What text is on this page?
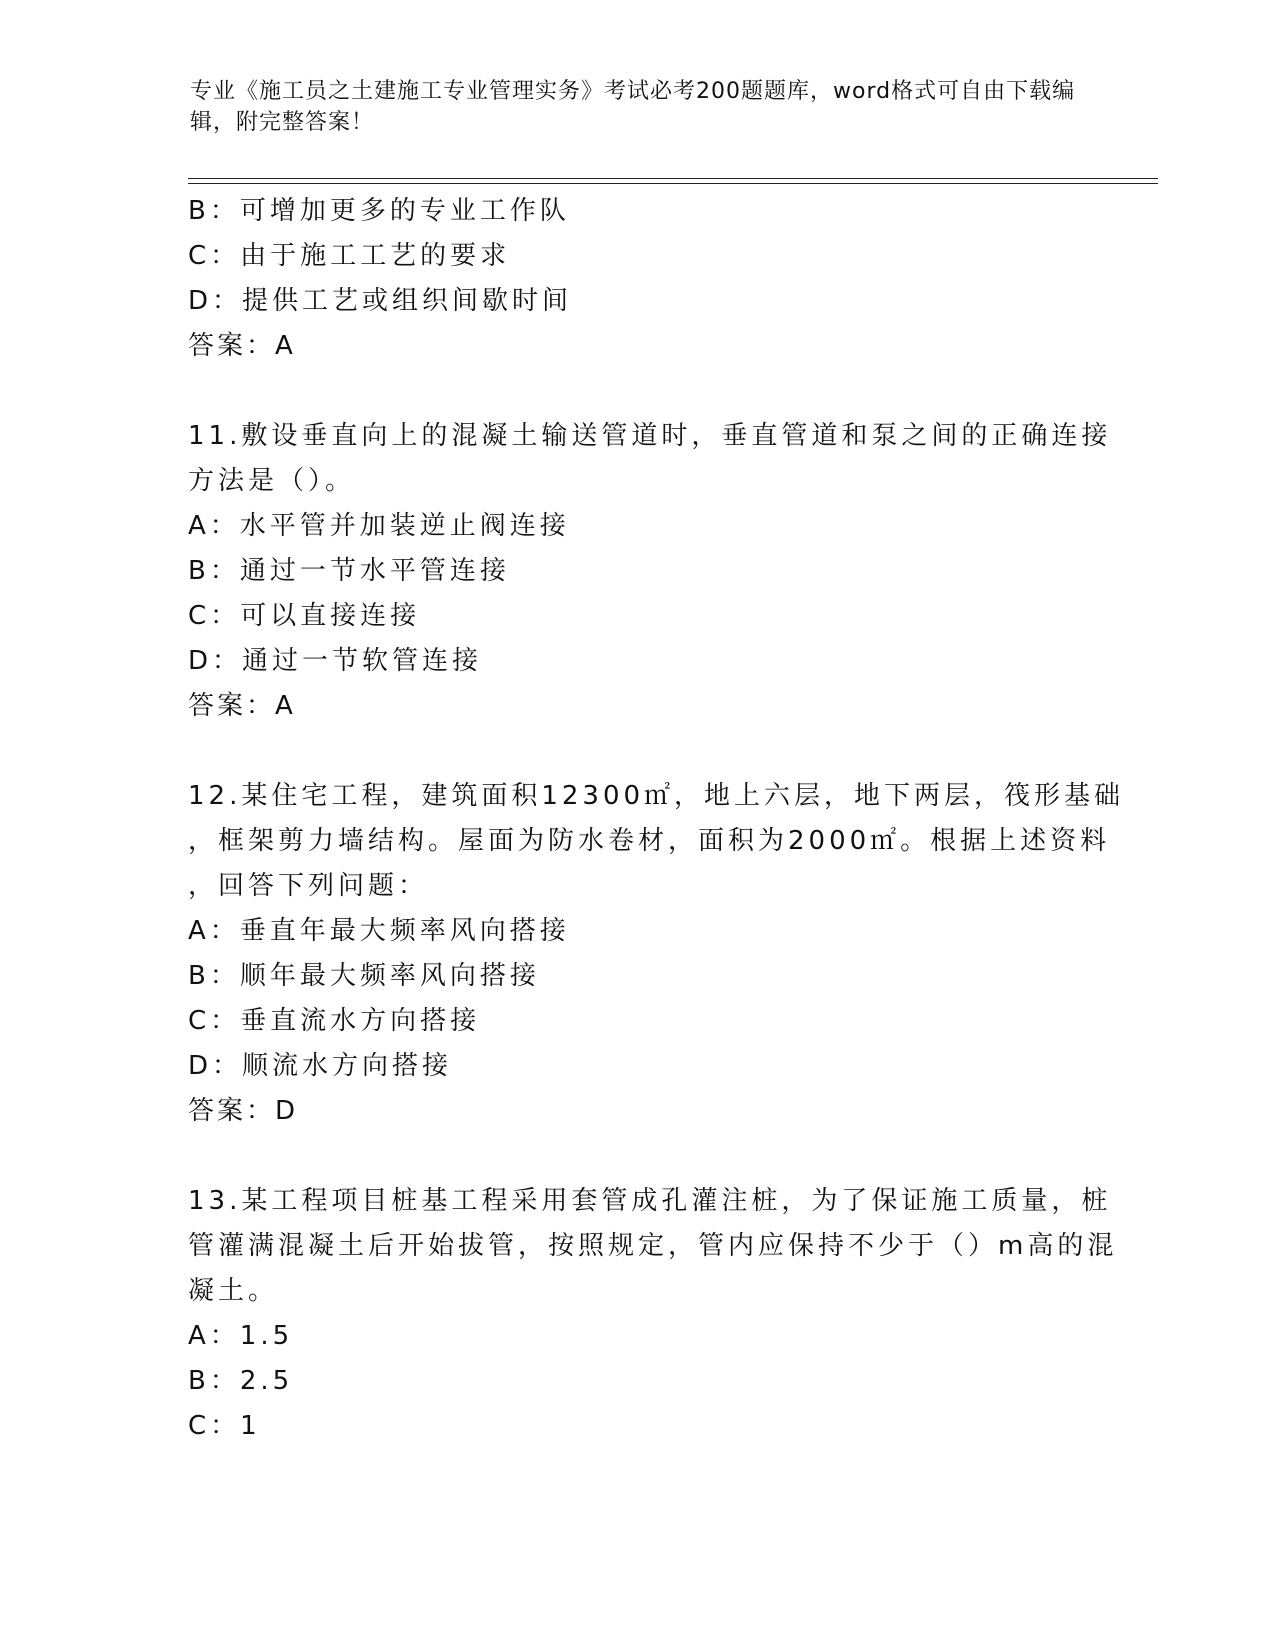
专业《施工员之土建施工专业管理实务》考试必考200题题库，word格式可自由下载编辑，附完整答案！
B：可增加更多的专业工作队
C：由于施工工艺的要求
D：提供工艺或组织间歇时间
答案：A
11.敷设垂直向上的混凝土输送管道时，垂直管道和泵之间的正确连接
方法是（）。
A：水平管并加装逆止阀连接
B：通过一节水平管连接
C：可以直接连接
D：通过一节软管连接
答案：A
12.某住宅工程，建筑面积12300㎡，地上六层，地下两层，筏形基础
，框架剪力墙结构。屋面为防水卷材，面积为2000㎡。根据上述资料
，回答下列问题：
A：垂直年最大频率风向搭接
B：顺年最大频率风向搭接
C：垂直流水方向搭接
D：顺流水方向搭接
答案：D
13.某工程项目桩基工程采用套管成孔灌注桩，为了保证施工质量，桩
管灌满混凝土后开始拔管，按照规定，管内应保持不少于（）m高的混
凝土。
A：1.5
B：2.5
C：1
